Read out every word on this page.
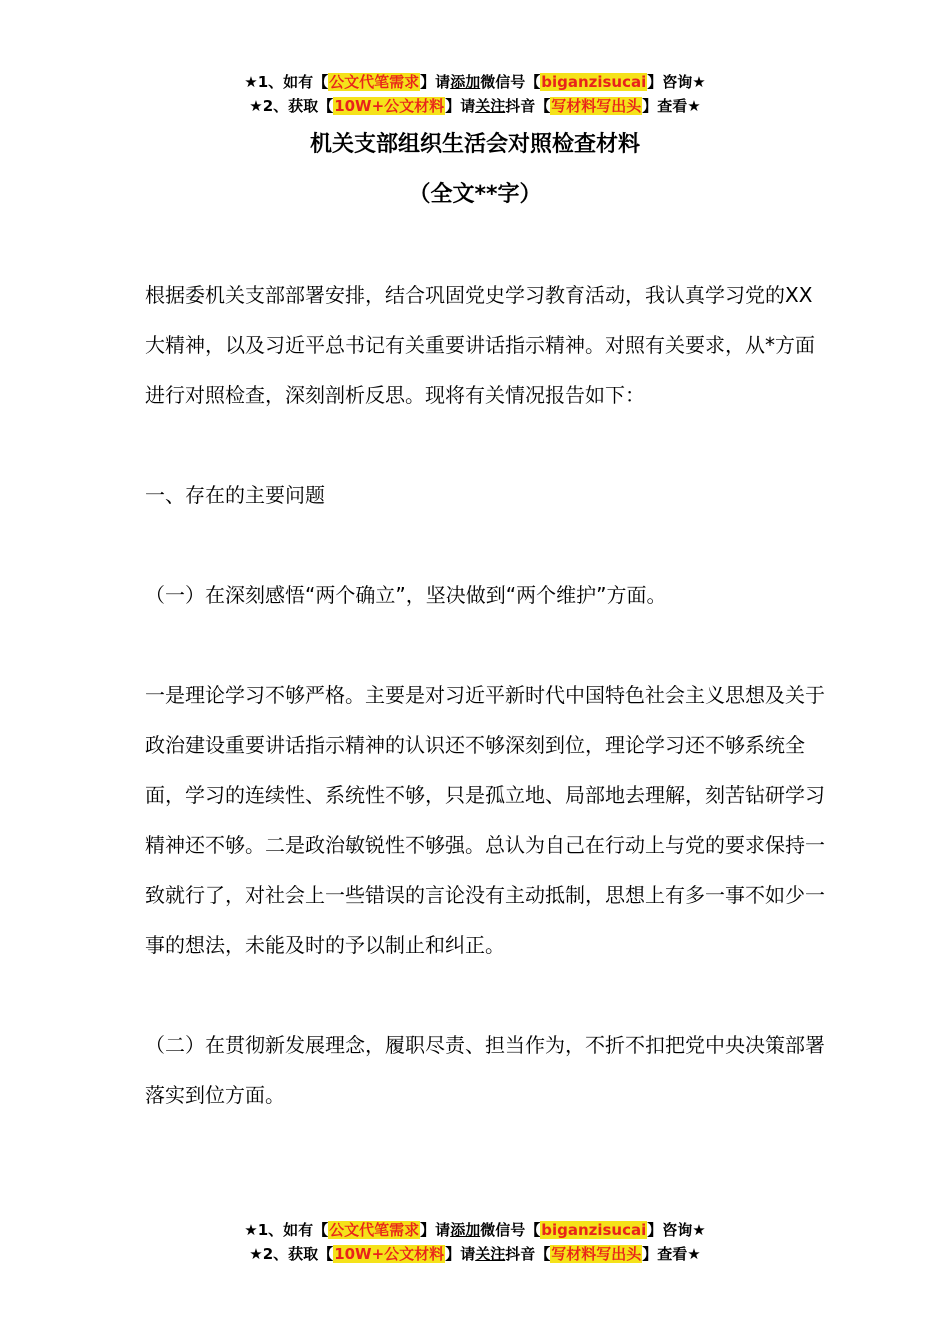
★1、如有【公文代笔需求】请添加微信号【biganzisucai】咨询★
★2、获取【10W+公文材料】请关注抖音【写材料写出头】查看★
机关支部组织生活会对照检查材料
（全文**字）

根据委机关支部部署安排，结合巩固党史学习教育活动，我认真学习党的XX大精神，以及习近平总书记有关重要讲话指示精神。对照有关要求，从*方面进行对照检查，深刻剖析反思。现将有关情况报告如下：

一、存在的主要问题

（一）在深刻感悟“两个确立”，坚决做到“两个维护”方面。

一是理论学习不够严格。主要是对习近平新时代中国特色社会主义思想及关于政治建设重要讲话指示精神的认识还不够深刻到位，理论学习还不够系统全面，学习的连续性、系统性不够，只是孤立地、局部地去理解，刻苦钻研学习精神还不够。二是政治敏锐性不够强。总认为自己在行动上与党的要求保持一致就行了，对社会上一些错误的言论没有主动抵制，思想上有多一事不如少一事的想法，未能及时的予以制止和纠正。

（二）在贯彻新发展理念，履职尽责、担当作为，不折不扣把党中央决策部署落实到位方面。

★1、如有【公文代笔需求】请添加微信号【biganzisucai】咨询★
★2、获取【10W+公文材料】请关注抖音【写材料写出头】查看★
